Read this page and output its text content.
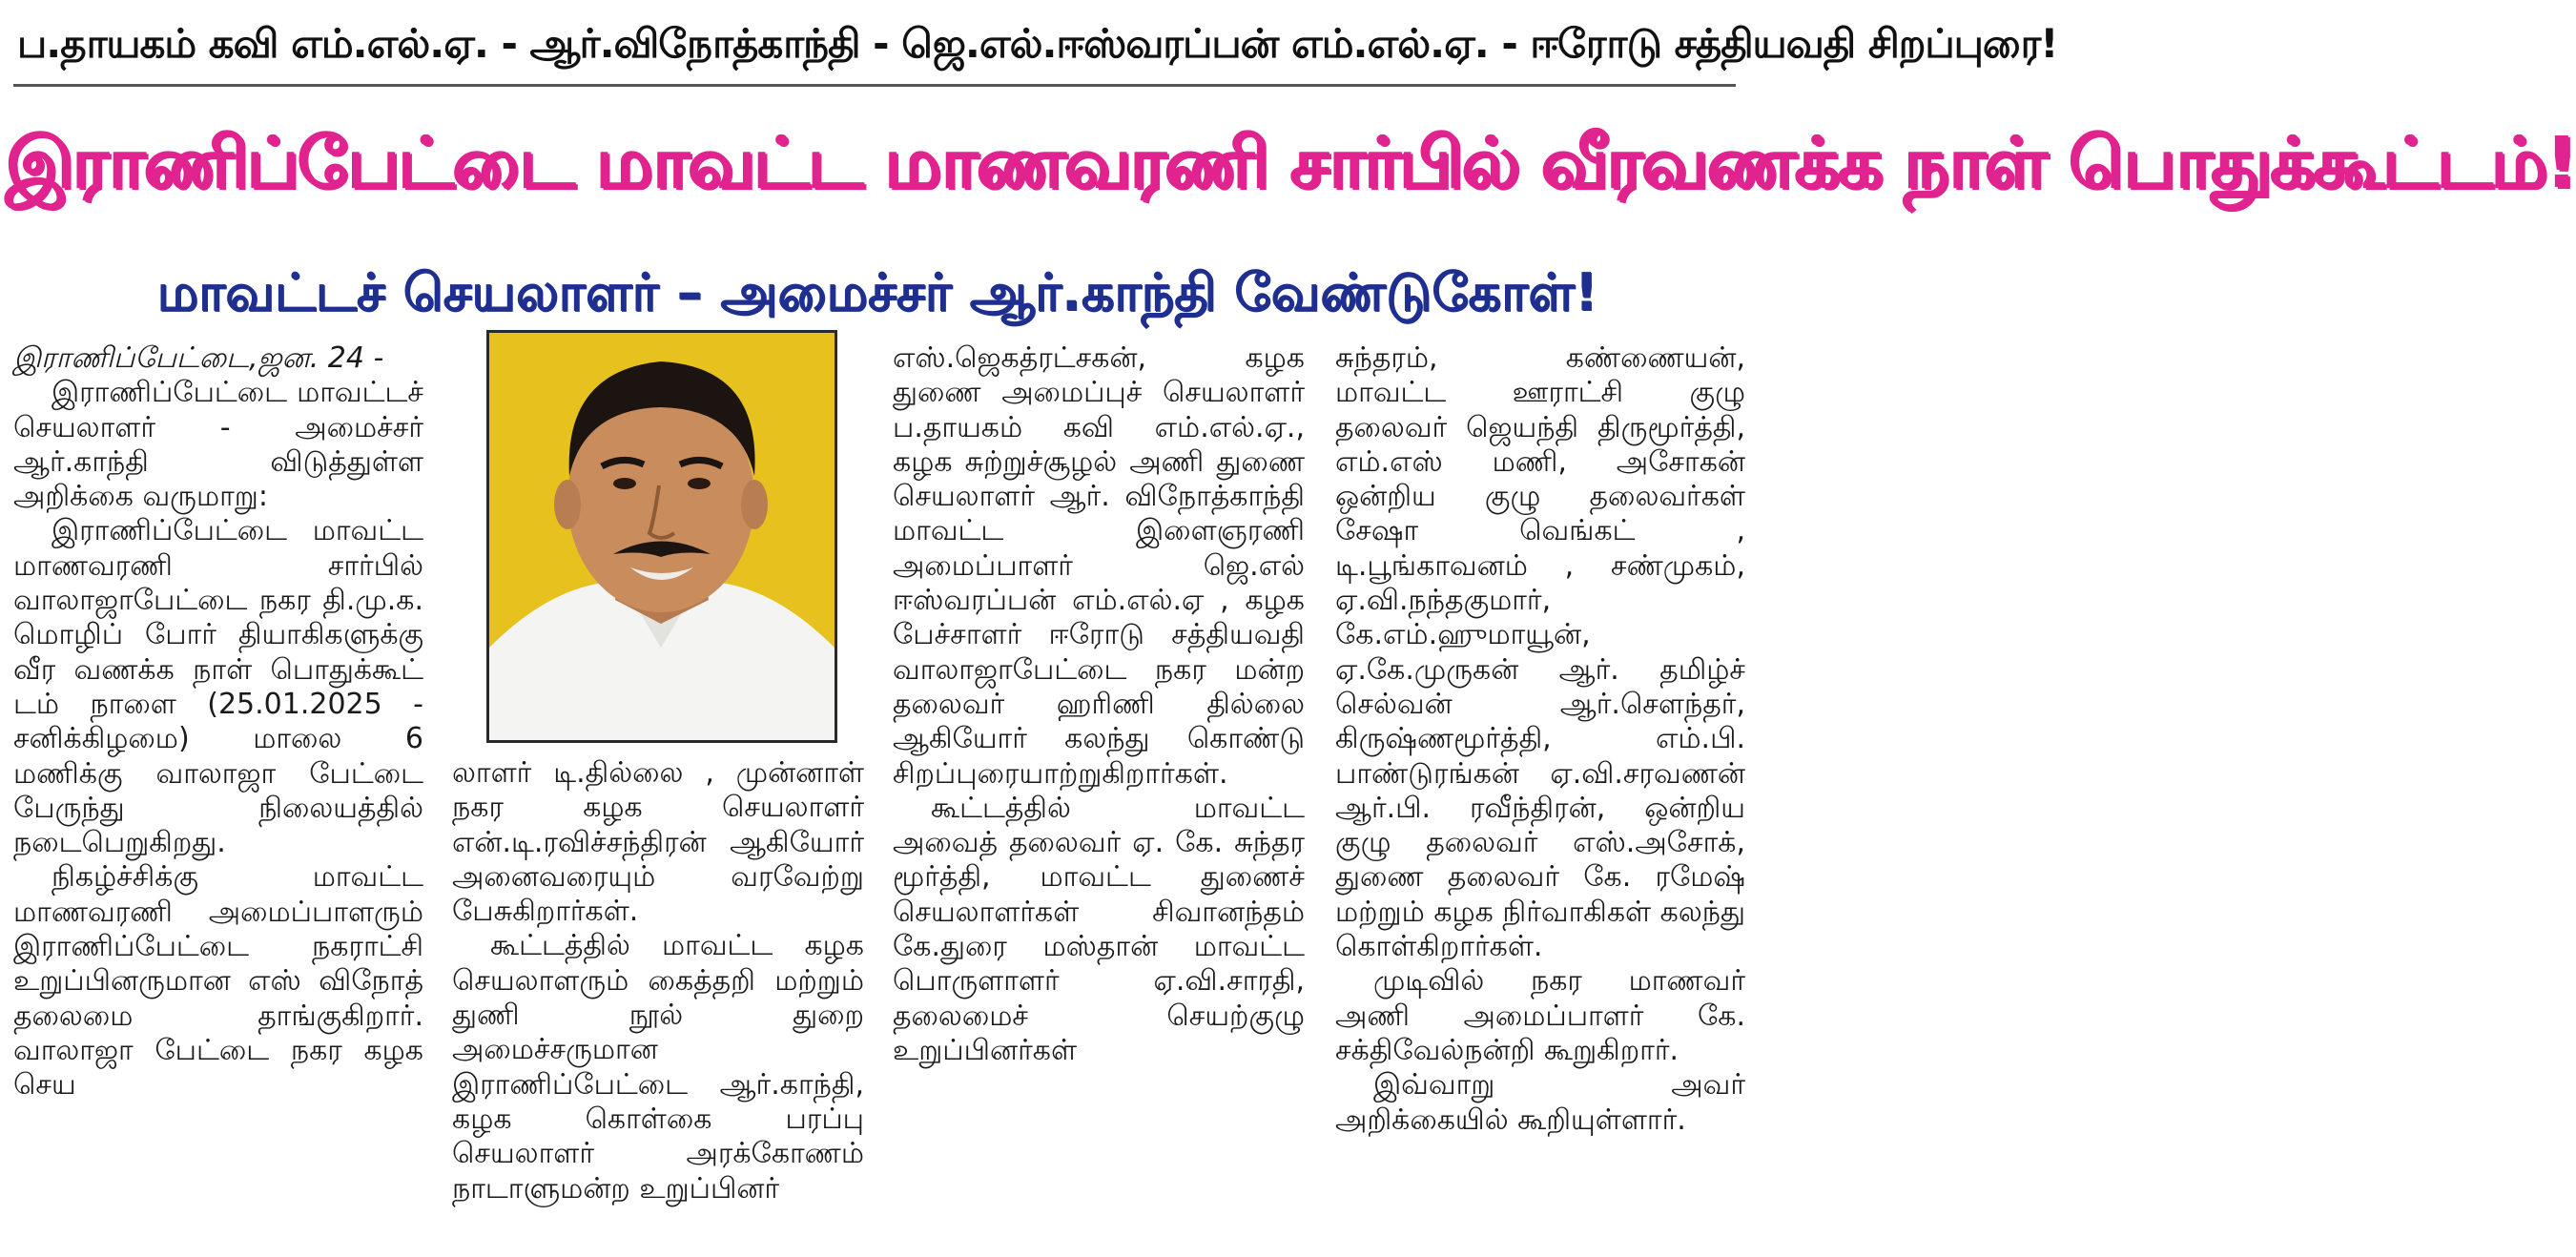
ப.தாயகம் கவி எம்.எல்.ஏ. - ஆர்.விநோத்காந்தி - ஜெ.எல்.ஈஸ்வரப்பன் எம்.எல்.ஏ. - ஈரோடு சத்தியவதி சிறப்புரை!
இராணிப்பேட்டை மாவட்ட மாணவரணி சார்பில் வீரவணக்க நாள் பொதுக்கூட்டம்!
மாவட்டச் செயலாளர் – அமைச்சர் ஆர்.காந்தி வேண்டுகோள்!

இராணிப்பேட்டை,ஜன. 24 -

இராணிப்பேட்டை மாவட்டச் செயலாளர் - அமைச்சர் ஆர்.காந்தி விடுத்துள்ள அறிக்கை வருமாறு:

இராணிப்பேட்டை மாவட்ட மாணவரணி சார்பில் வாலாஜாபேட்டை நகர தி.மு.க. மொழிப் போர் தியாகிகளுக்கு வீர வணக்க நாள் பொதுக்கூட் டம் நாளை (25.01.2025 - சனிக்கிழமை) மாலை 6 மணிக்கு வாலாஜா பேட்டை பேருந்து நிலையத்தில் நடைபெறுகிறது.

நிகழ்ச்சிக்கு மாவட்ட மாணவரணி அமைப்பாளரும் இராணிப்பேட்டை நகராட்சி உறுப்பினருமான எஸ் விநோத் தலைமை தாங்குகிறார். வாலாஜா பேட்டை நகர கழக செய

லாளர் டி.தில்லை , முன்னாள் நகர கழக செயலாளர் என்.டி.ரவிச்சந்திரன் ஆகியோர் அனைவரையும் வரவேற்று பேசுகிறார்கள்.

கூட்டத்தில் மாவட்ட கழக செயலாளரும் கைத்தறி மற்றும் துணி நூல் துறை அமைச்சருமான இராணிப்பேட்டை ஆர்.காந்தி, கழக கொள்கை பரப்பு செயலாளர் அரக்கோணம் நாடாளுமன்ற உறுப்பினர்

எஸ்.ஜெகத்ரட்சகன், கழக துணை அமைப்புச் செயலாளர் ப.தாயகம் கவி எம்.எல்.ஏ., கழக சுற்றுச்சூழல் அணி துணை செயலாளர் ஆர். விநோத்காந்தி மாவட்ட இளைஞரணி அமைப்பாளர் ஜெ.எல் ஈஸ்வரப்பன் எம்.எல்.ஏ , கழக பேச்சாளர் ஈரோடு சத்தியவதி வாலாஜாபேட்டை நகர மன்ற தலைவர் ஹரிணி தில்லை ஆகியோர் கலந்து கொண்டு சிறப்புரையாற்றுகிறார்கள்.

கூட்டத்தில் மாவட்ட அவைத் தலைவர் ஏ. கே. சுந்தர மூர்த்தி, மாவட்ட துணைச் செயலாளர்கள் சிவானந்தம் கே.துரை மஸ்தான் மாவட்ட பொருளாளர் ஏ.வி.சாரதி, தலைமைச் செயற்குழு உறுப்பினர்கள்

சுந்தரம், கண்ணையன், மாவட்ட ஊராட்சி குழு தலைவர் ஜெயந்தி திருமூர்த்தி, எம்.எஸ் மணி, அசோகன் ஒன்றிய குழு தலைவர்கள் சேஷா வெங்கட் , டி.பூங்காவனம் , சண்முகம், ஏ.வி.நந்தகுமார், கே.எம்.ஹுமாயூன், ஏ.கே.முருகன் ஆர். தமிழ்ச் செல்வன் ஆர்.சௌந்தர், கிருஷ்ணமூர்த்தி, எம்.பி. பாண்டுரங்கன் ஏ.வி.சரவணன் ஆர்.பி. ரவீந்திரன், ஒன்றிய குழு தலைவர் எஸ்.அசோக், துணை தலைவர் கே. ரமேஷ் மற்றும் கழக நிர்வாகிகள் கலந்து கொள்கிறார்கள்.

முடிவில் நகர மாணவர் அணி அமைப்பாளர் கே. சக்திவேல்நன்றி கூறுகிறார்.

இவ்வாறு அவர் அறிக்கையில் கூறியுள்ளார்.
